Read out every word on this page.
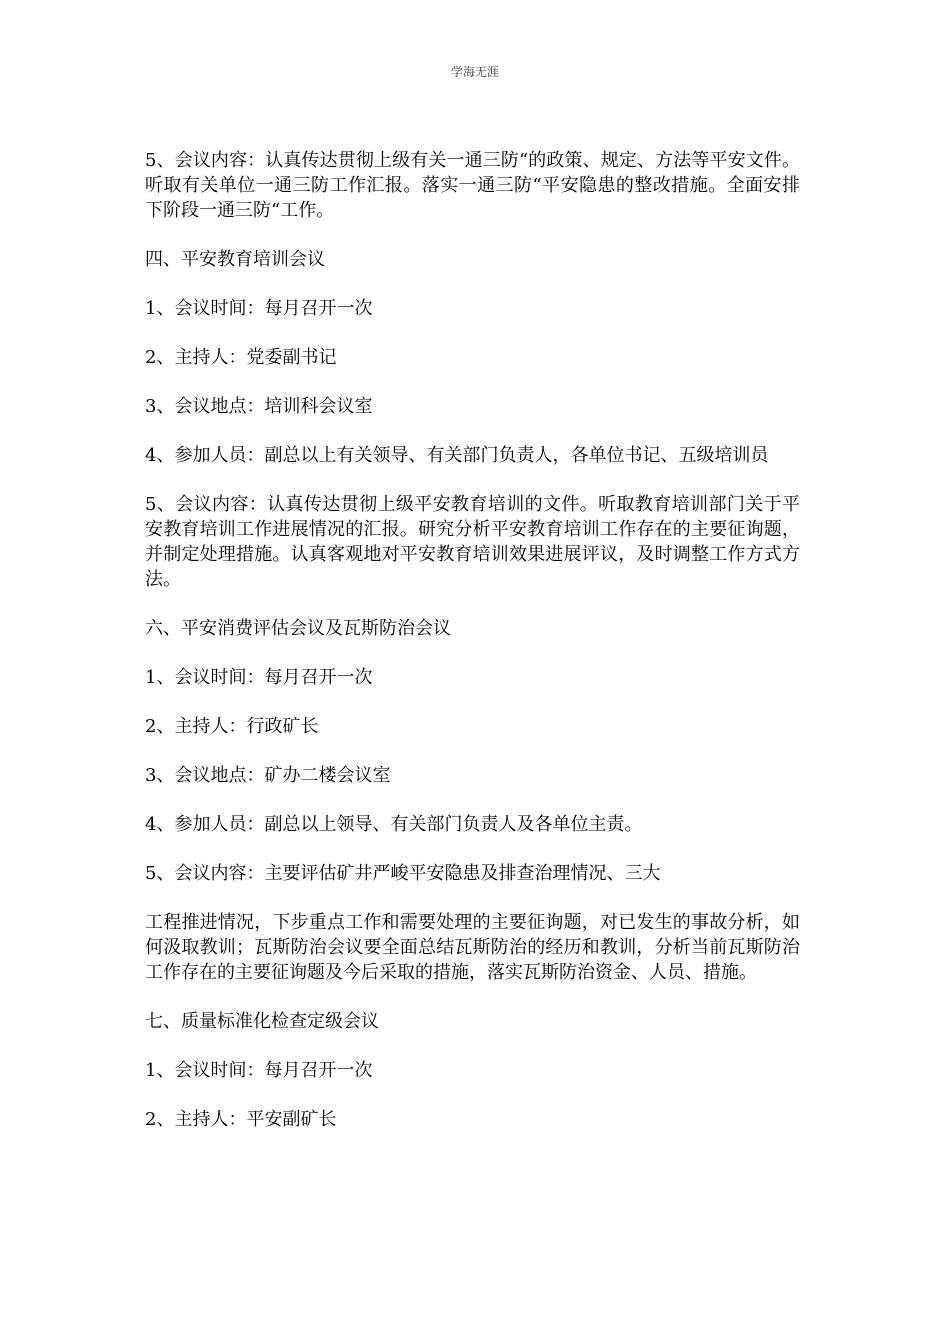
学海无涯

5、会议内容：认真传达贯彻上级有关一通三防“的政策、规定、方法等平安文件。听取有关单位一通三防工作汇报。落实一通三防“平安隐患的整改措施。全面安排下阶段一通三防“工作。

四、平安教育培训会议

1、会议时间：每月召开一次

2、主持人：党委副书记

3、会议地点：培训科会议室

4、参加人员：副总以上有关领导、有关部门负责人，各单位书记、五级培训员

5、会议内容：认真传达贯彻上级平安教育培训的文件。听取教育培训部门关于平安教育培训工作进展情况的汇报。研究分析平安教育培训工作存在的主要征询题，并制定处理措施。认真客观地对平安教育培训效果进展评议，及时调整工作方式方法。

六、平安消费评估会议及瓦斯防治会议

1、会议时间：每月召开一次

2、主持人：行政矿长

3、会议地点：矿办二楼会议室

4、参加人员：副总以上领导、有关部门负责人及各单位主责。

5、会议内容：主要评估矿井严峻平安隐患及排查治理情况、三大

工程推进情况，下步重点工作和需要处理的主要征询题，对已发生的事故分析，如何汲取教训；瓦斯防治会议要全面总结瓦斯防治的经历和教训，分析当前瓦斯防治工作存在的主要征询题及今后采取的措施，落实瓦斯防治资金、人员、措施。

七、质量标准化检查定级会议

1、会议时间：每月召开一次

2、主持人：平安副矿长
